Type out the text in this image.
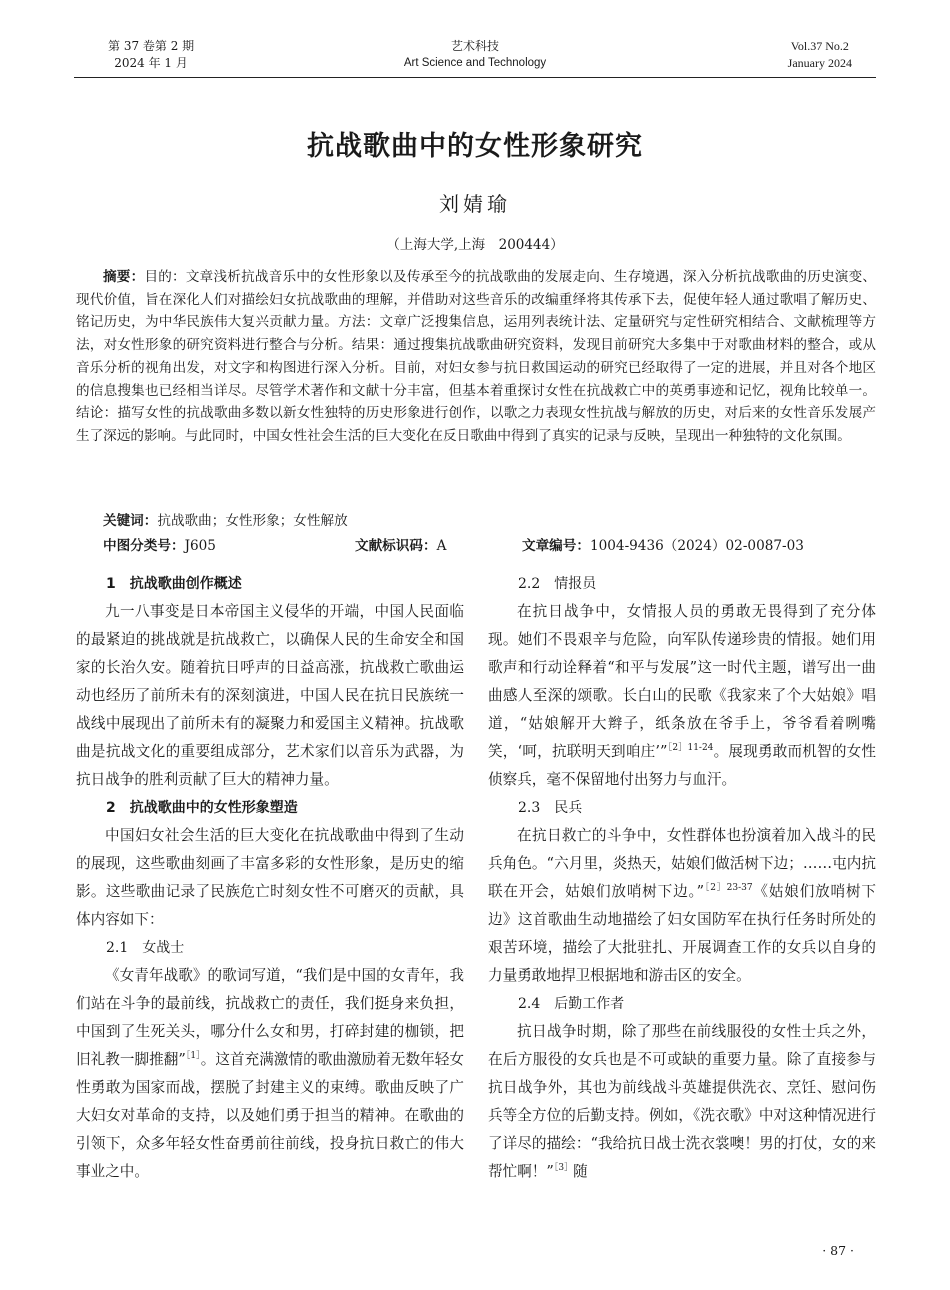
第 37 卷第 2 期
2024 年 1 月
艺术科技
Art Science and Technology
Vol.37 No.2
January 2024
抗战歌曲中的女性形象研究
刘婧瑜
（上海大学,上海　200444）
摘要：目的：文章浅析抗战音乐中的女性形象以及传承至今的抗战歌曲的发展走向、生存境遇，深入分析抗战歌曲的历史演变、现代价值，旨在深化人们对描绘妇女抗战歌曲的理解，并借助对这些音乐的改编重绎将其传承下去，促使年轻人通过歌唱了解历史、铭记历史，为中华民族伟大复兴贡献力量。方法：文章广泛搜集信息，运用列表统计法、定量研究与定性研究相结合、文献梳理等方法，对女性形象的研究资料进行整合与分析。结果：通过搜集抗战歌曲研究资料，发现目前研究大多集中于对歌曲材料的整合，或从音乐分析的视角出发，对文字和构图进行深入分析。目前，对妇女参与抗日救国运动的研究已经取得了一定的进展，并且对各个地区的信息搜集也已经相当详尽。尽管学术著作和文献十分丰富，但基本着重探讨女性在抗战救亡中的英勇事迹和记忆，视角比较单一。结论：描写女性的抗战歌曲多数以新女性独特的历史形象进行创作，以歌之力表现女性抗战与解放的历史，对后来的女性音乐发展产生了深远的影响。与此同时，中国女性社会生活的巨大变化在反日歌曲中得到了真实的记录与反映，呈现出一种独特的文化氛围。
关键词：抗战歌曲；女性形象；女性解放
中图分类号：J605	文献标识码：A	文章编号：1004-9436（2024）02-0087-03
1　抗战歌曲创作概述

九一八事变是日本帝国主义侵华的开端，中国人民面临的最紧迫的挑战就是抗战救亡，以确保人民的生命安全和国家的长治久安。随着抗日呼声的日益高涨，抗战救亡歌曲运动也经历了前所未有的深刻演进，中国人民在抗日民族统一战线中展现出了前所未有的凝聚力和爱国主义精神。抗战歌曲是抗战文化的重要组成部分，艺术家们以音乐为武器，为抗日战争的胜利贡献了巨大的精神力量。

2　抗战歌曲中的女性形象塑造

中国妇女社会生活的巨大变化在抗战歌曲中得到了生动的展现，这些歌曲刻画了丰富多彩的女性形象，是历史的缩影。这些歌曲记录了民族危亡时刻女性不可磨灭的贡献，具体内容如下：

2.1　女战士

《女青年战歌》的歌词写道，“我们是中国的女青年，我们站在斗争的最前线，抗战救亡的责任，我们挺身来负担，中国到了生死关头，哪分什么女和男，打碎封建的枷锁，把旧礼教一脚推翻”$^{[1]}$。这首充满激情的歌曲激励着无数年轻女性勇敢为国家而战，摆脱了封建主义的束缚。歌曲反映了广大妇女对革命的支持，以及她们勇于担当的精神。在歌曲的引领下，众多年轻女性奋勇前往前线，投身抗日救亡的伟大事业之中。

2.2　情报员

在抗日战争中，女情报人员的勇敢无畏得到了充分体现。她们不畏艰辛与危险，向军队传递珍贵的情报。她们用歌声和行动诠释着“和平与发展”这一时代主题，谱写出一曲曲感人至深的颂歌。长白山的民歌《我家来了个大姑娘》唱道，“姑娘解开大辫子，纸条放在爷手上，爷爷看着咧嘴笑，‘呵，抗联明天到咱庄’”$^{[2]11-24}$。展现勇敢而机智的女性侦察兵，毫不保留地付出努力与血汗。

2.3　民兵

在抗日救亡的斗争中，女性群体也扮演着加入战斗的民兵角色。“六月里，炎热天，姑娘们做活树下边；……屯内抗联在开会，姑娘们放哨树下边。”$^{[2]23-37}$《姑娘们放哨树下边》这首歌曲生动地描绘了妇女国防军在执行任务时所处的艰苦环境，描绘了大批驻扎、开展调查工作的女兵以自身的力量勇敢地捍卫根据地和游击区的安全。

2.4　后勤工作者

抗日战争时期，除了那些在前线服役的女性士兵之外，在后方服役的女兵也是不可或缺的重要力量。除了直接参与抗日战争外，其也为前线战斗英雄提供洗衣、烹饪、慰问伤兵等全方位的后勤支持。例如，《洗衣歌》中对这种情况进行了详尽的描绘：“我给抗日战士洗衣裳噢！男的打仗，女的来帮忙啊！”$^{[3]}$随

· 87 ·
